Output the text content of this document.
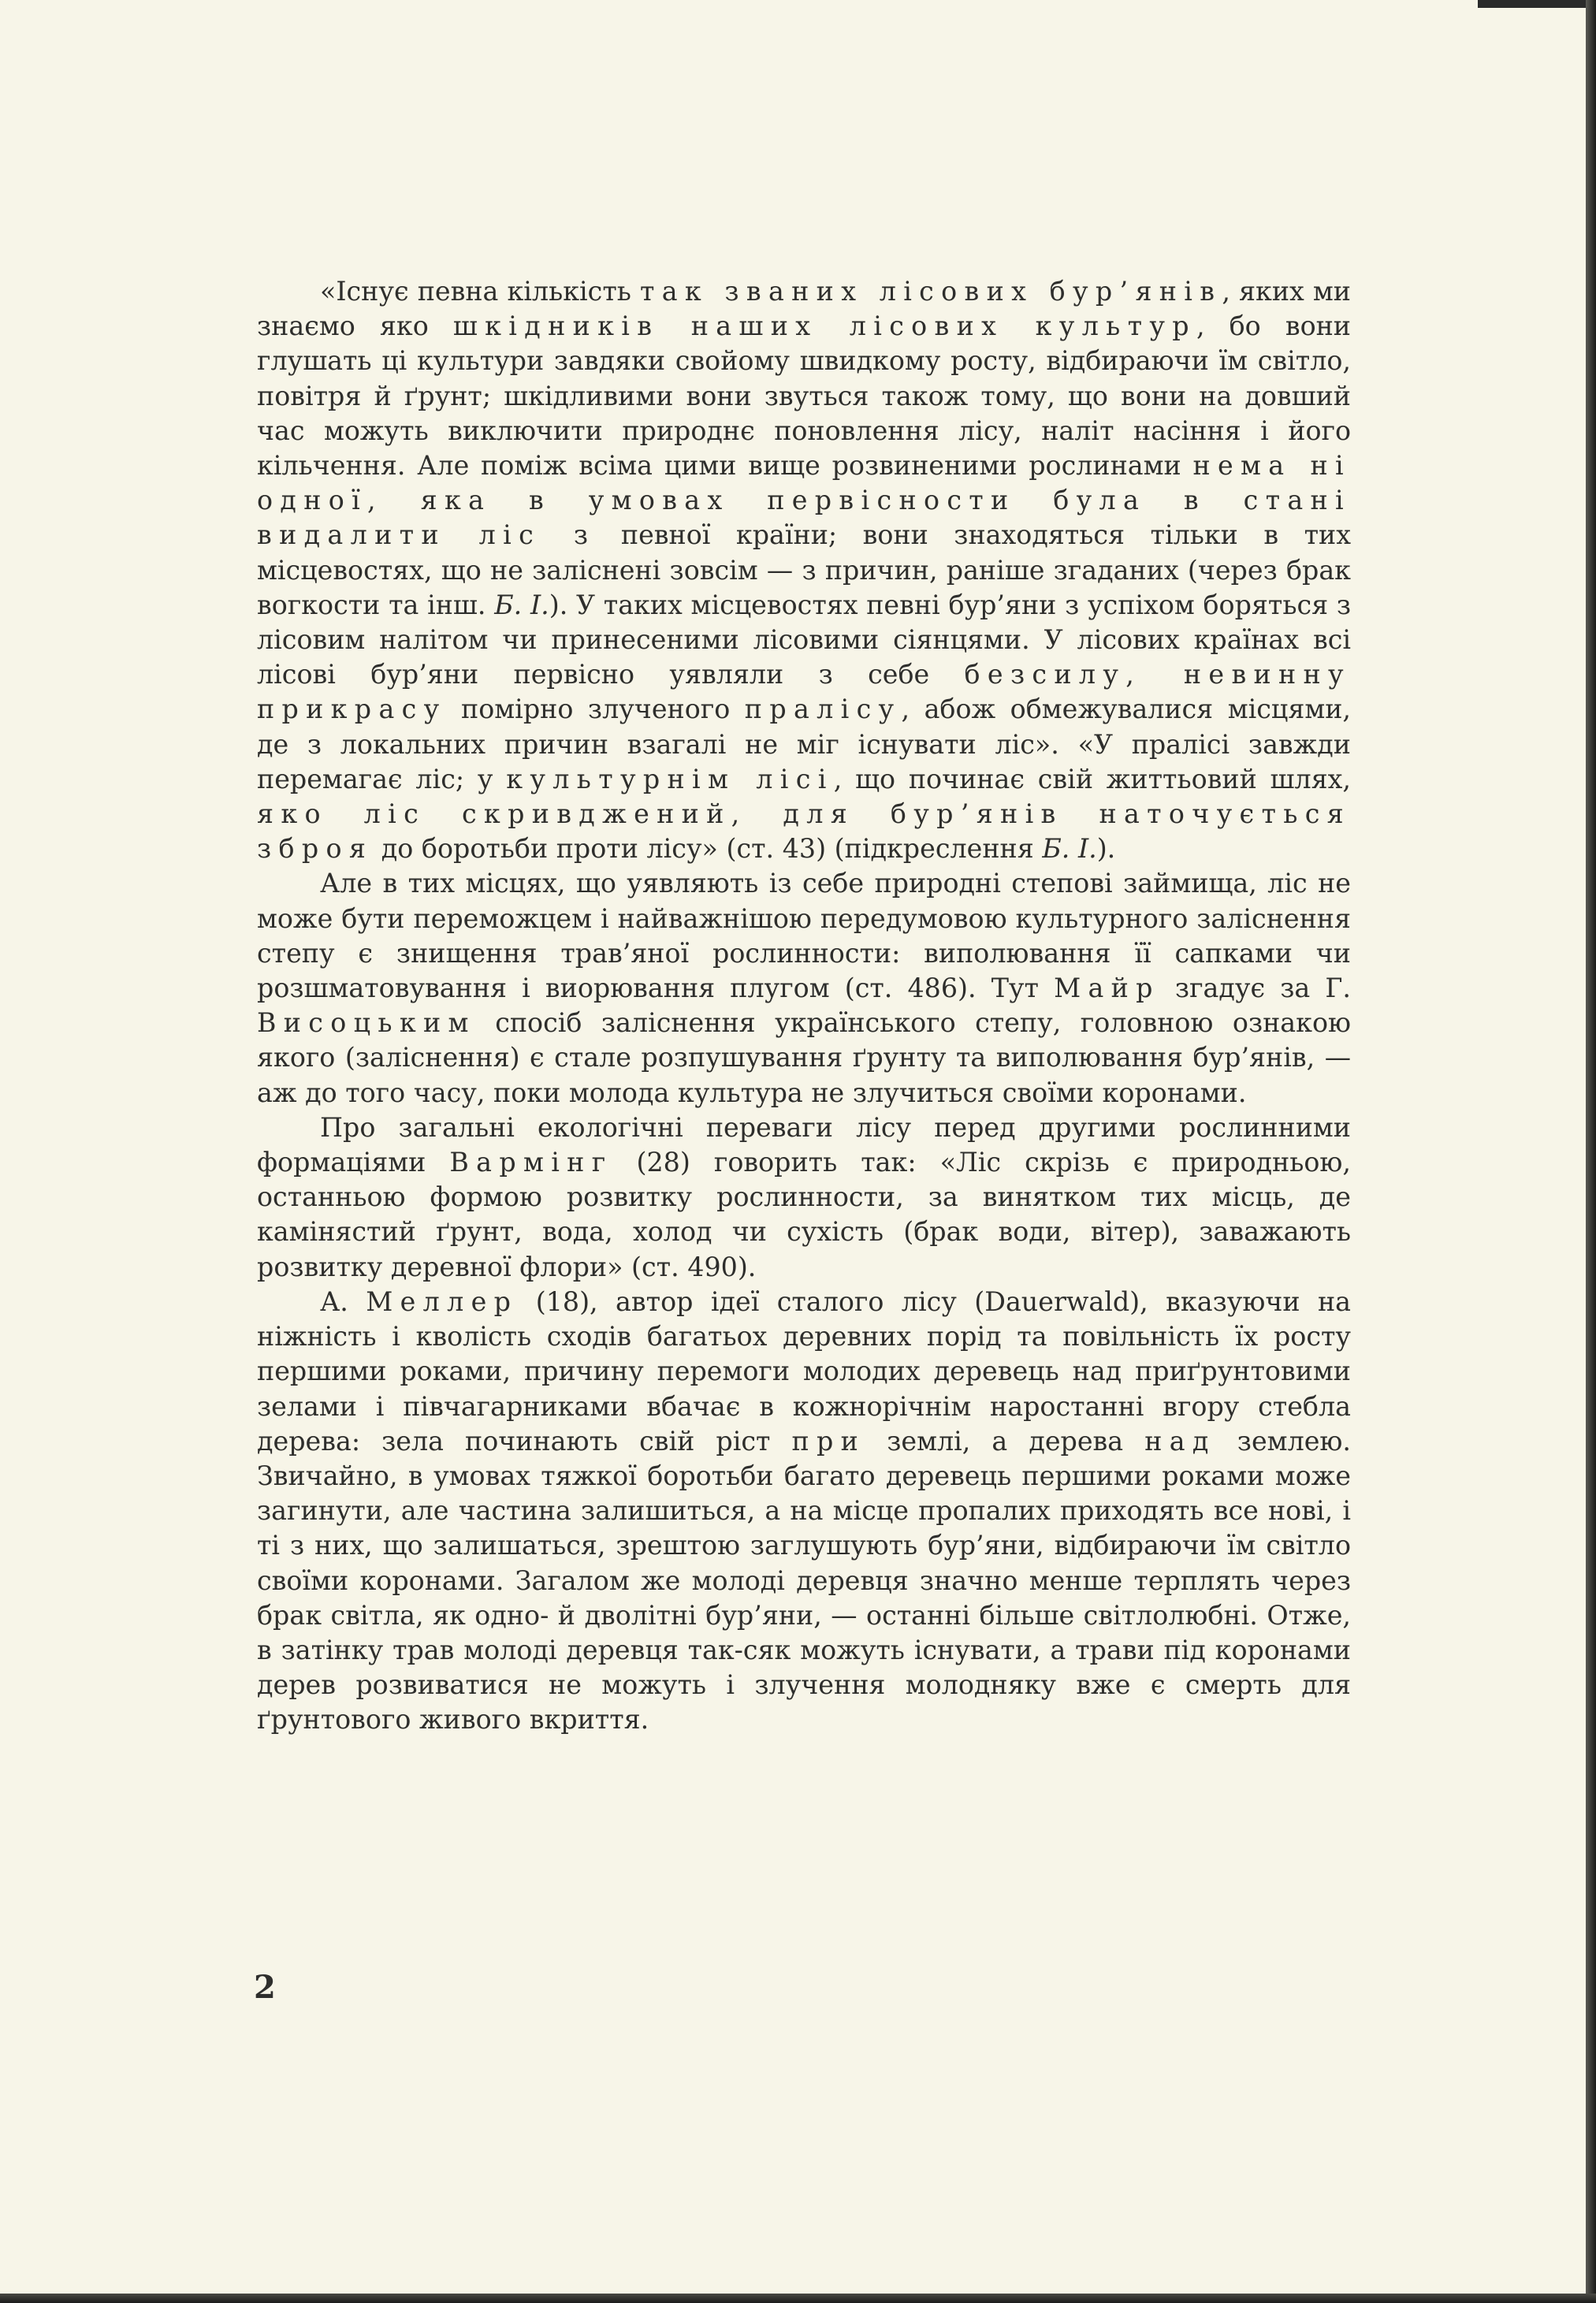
«Існує певна кількість так званих лісових бур’янів, яких ми знаємо яко шкідників наших лісових культур, бо вони глушать ці культури завдяки свойому швидкому росту, відбираючи їм світло, повітря й ґрунт; шкідливими вони звуться також тому, що вони на довший час можуть виключити природнє поновлення лісу, наліт насіння і його кільчення. Але поміж всіма цими вище розвиненими рослинами нема ні одної, яка в умовах первісности була в стані видалити ліс з певної країни; вони знаходяться тільки в тих місцевостях, що не заліснені зовсім — з причин, раніше згаданих (через брак вогкости та інш. Б. І.). У таких місцевостях певні бур’яни з успіхом боряться з лісовим налітом чи принесеними лісовими сіянцями. У лісових країнах всі лісові бур’яни первісно уявляли з себе безсилу, невинну прикрасу помірно злученого пралісу, абож обмежувалися місцями, де з локальних причин взагалі не міг існувати ліс». «У пралісі завжди перемагає ліс; у культурнім лісі, що починає свій життьовий шлях, яко ліс скривджений, для бур’янів наточується зброя до боротьби проти лісу» (ст. 43) (підкреслення Б. І.).

Але в тих місцях, що уявляють із себе природні степові займища, ліс не може бути переможцем і найважнішою передумовою культурного заліснення степу є знищення трав’яної рослинности: виполювання її сапками чи розшматовування і виорювання плугом (ст. 486). Тут Майр згадує за Г. Висоцьким спосіб заліснення українського степу, головною ознакою якого (заліснення) є стале розпушування ґрунту та виполювання бур’янів, — аж до того часу, поки молода культура не злучиться своїми коронами.

Про загальні екологічні переваги лісу перед другими рослинними формаціями Вармінг (28) говорить так: «Ліс скрізь є природньою, останньою формою розвитку рослинности, за винятком тих місць, де камінястий ґрунт, вода, холод чи сухість (брак води, вітер), заважають розвитку деревної флори» (ст. 490).

А. Меллер (18), автор ідеї сталого лісу (Dauerwald), вказуючи на ніжність і кволість сходів багатьох деревних порід та повільність їх росту першими роками, причину перемоги молодих деревець над приґрунтовими зелами і півчагарниками вбачає в кожнорічнім наростанні вгору стебла дерева: зела починають свій ріст при землі, а дерева над землею. Звичайно, в умовах тяжкої боротьби багато деревець першими роками може загинути, але частина залишиться, а на місце пропалих приходять все нові, і ті з них, що залишаться, зрештою заглушують бур’яни, відбираючи їм світло своїми коронами. Загалом же молоді деревця значно менше терплять через брак світла, як одно- й дволітні бур’яни, — останні більше світлолюбні. Отже, в затінку трав молоді деревця так-сяк можуть існувати, а трави під коронами дерев розвиватися не можуть і злучення молодняку вже є смерть для ґрунтового живого вкриття.

2
